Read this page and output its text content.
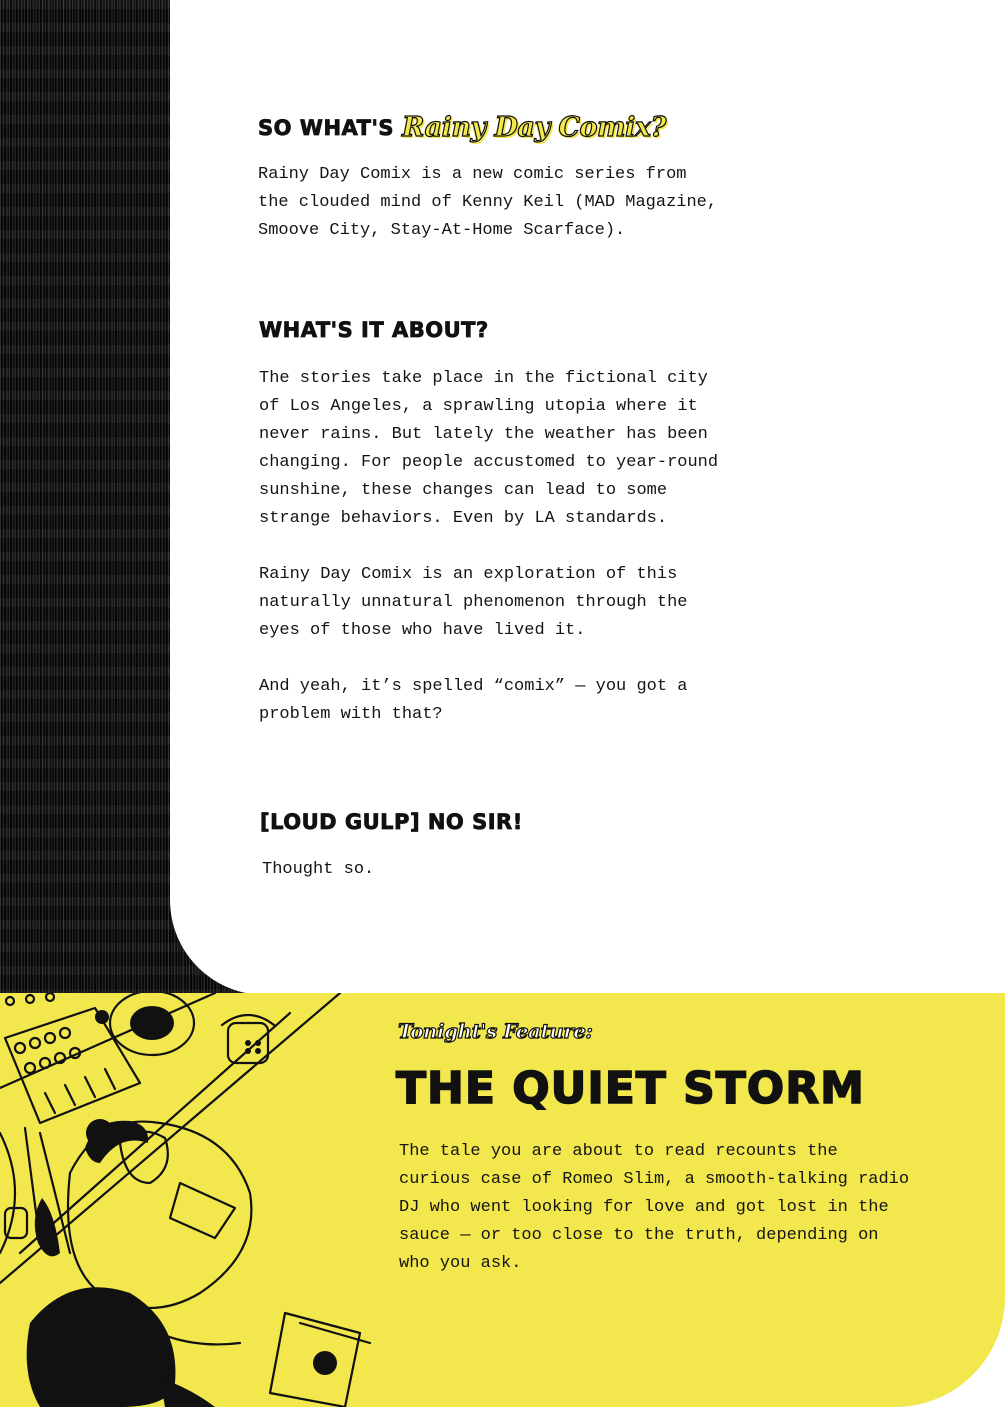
SO WHAT'S Rainy Day Comix?

Rainy Day Comix is a new comic series from
the clouded mind of Kenny Keil (MAD Magazine,
Smoove City, Stay-At-Home Scarface).

WHAT'S IT ABOUT?

The stories take place in the fictional city
of Los Angeles, a sprawling utopia where it
never rains. But lately the weather has been
changing. For people accustomed to year-round
sunshine, these changes can lead to some
strange behaviors. Even by LA standards.

Rainy Day Comix is an exploration of this
naturally unnatural phenomenon through the
eyes of those who have lived it.

And yeah, it’s spelled “comix” — you got a
problem with that?

[LOUD GULP] NO SIR!

Thought so.

Tonight's Feature:
THE QUIET STORM

The tale you are about to read recounts the curious case of Romeo Slim, a smooth-talking radio DJ who went looking for love and got lost in the sauce — or too close to the truth, depending on who you ask.
